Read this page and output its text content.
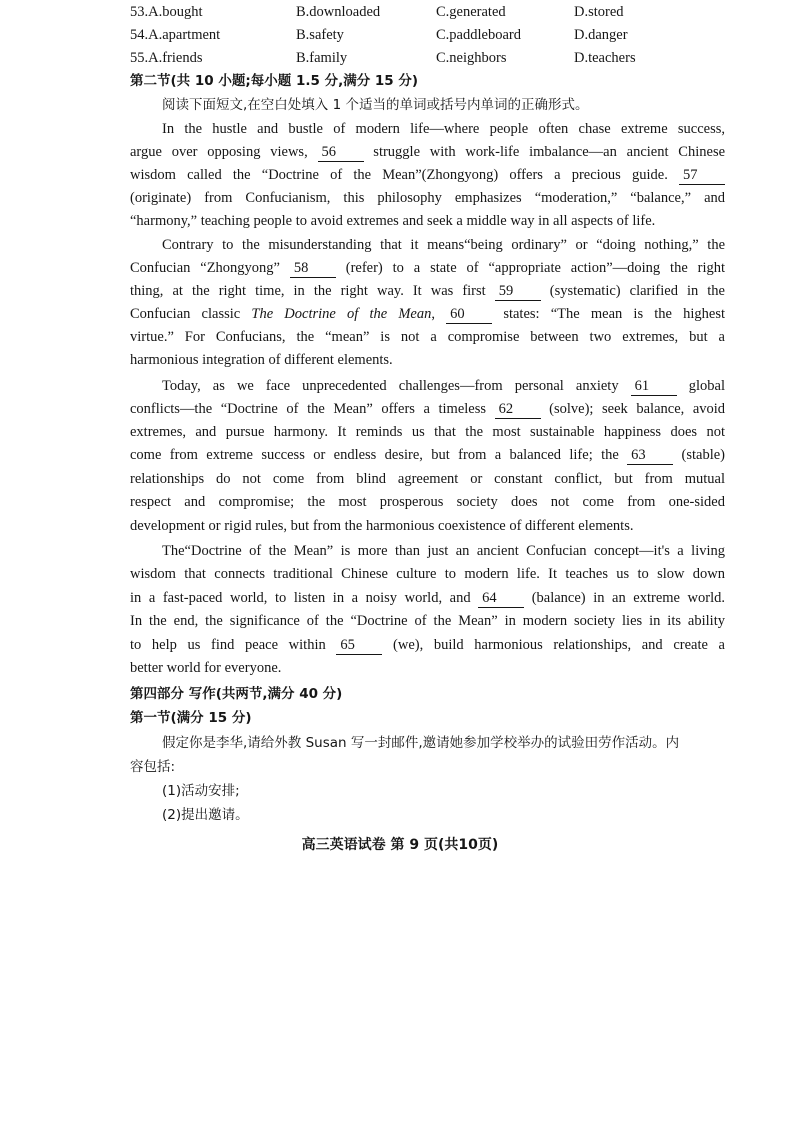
53.A.bought	B.downloaded	C.generated	D.stored
54.A.apartment	B.safety	C.paddleboard	D.danger
55.A.friends	B.family	C.neighbors	D.teachers
第二节(共 10 小题;每小题 1.5 分,满分 15 分)
阅读下面短文,在空白处填入 1 个适当的单词或括号内单词的正确形式。
In the hustle and bustle of modern life—where people often chase extreme success,
argue over opposing views, 56	struggle with work-life imbalance—an ancient Chinese
wisdom called the “Doctrine of the Mean”(Zhongyong) offers a precious guide. 57
(originate) from Confucianism, this philosophy emphasizes “moderation,” “balance,” and
“harmony,” teaching people to avoid extremes and seek a middle way in all aspects of life.
Contrary to the misunderstanding that it means“being ordinary” or “doing nothing,” the
Confucian “Zhongyong” 58	(refer) to a state of “appropriate action”—doing the right
thing, at the right time, in the right way. It was first 59	(systematic) clarified in the
Confucian classic The Doctrine of the Mean, 60	states: “The mean is the highest
virtue.” For Confucians, the “mean” is not a compromise between two extremes, but a
harmonious integration of different elements.
Today, as we face unprecedented challenges—from personal anxiety 61	global
conflicts—the “Doctrine of the Mean” offers a timeless 62 (solve); seek balance, avoid
extremes, and pursue harmony. It reminds us that the most sustainable happiness does not
come from extreme success or endless desire, but from a balanced life; the 63 (stable)
relationships do not come from blind agreement or constant conflict, but from mutual
respect and compromise; the most prosperous society does not come from one-sided
development or rigid rules, but from the harmonious coexistence of different elements.
The“Doctrine of the Mean” is more than just an ancient Confucian concept—it's a living
wisdom that connects traditional Chinese culture to modern life. It teaches us to slow down
in a fast-paced world, to listen in a noisy world, and 64 (balance) in an extreme world.
In the end, the significance of the “Doctrine of the Mean” in modern society lies in its ability
to help us find peace within 65	(we), build harmonious relationships, and create a
better world for everyone.
第四部分 写作(共两节,满分 40 分)
第一节(满分 15 分)
假定你是李华,请给外教 Susan 写一封邮件,邀请她参加学校举办的试验田劳作活动。内
容包括:
(1)活动安排;
(2)提出邀请。
高三英语试卷 第 9 页(共10页)
